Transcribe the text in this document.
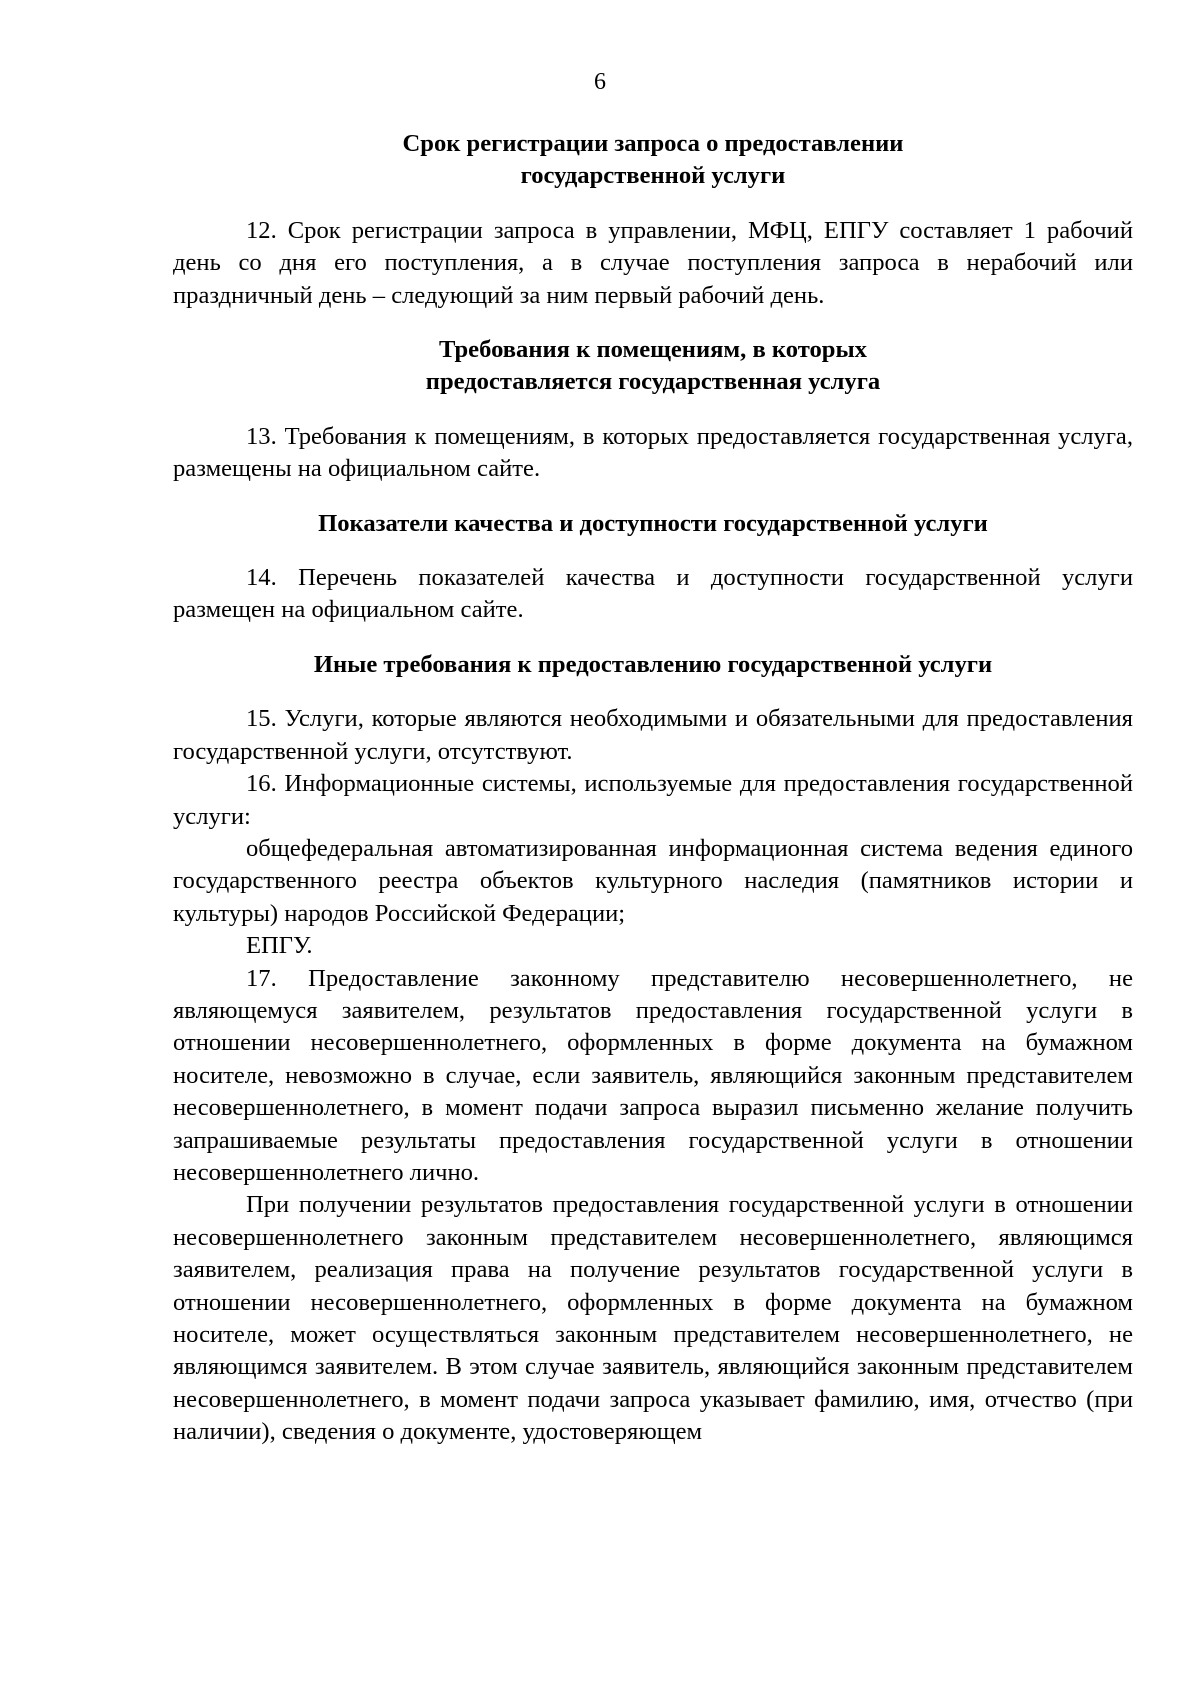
6
Срок регистрации запроса о предоставлении
государственной услуги

12. Срок регистрации запроса в управлении, МФЦ, ЕПГУ составляет 1 рабочий день со дня его поступления, а в случае поступления запроса в нерабочий или праздничный день – следующий за ним первый рабочий день.

Требования к помещениям, в которых
предоставляется государственная услуга

13. Требования к помещениям, в которых предоставляется государственная услуга, размещены на официальном сайте.

Показатели качества и доступности государственной услуги

14. Перечень показателей качества и доступности государственной услуги размещен на официальном сайте.

Иные требования к предоставлению государственной услуги

15. Услуги, которые являются необходимыми и обязательными для предоставления государственной услуги, отсутствуют.

16. Информационные системы, используемые для предоставления государственной услуги:

общефедеральная автоматизированная информационная система ведения единого государственного реестра объектов культурного наследия (памятников истории и культуры) народов Российской Федерации;

ЕПГУ.

17. Предоставление законному представителю несовершеннолетнего, не являющемуся заявителем, результатов предоставления государственной услуги в отношении несовершеннолетнего, оформленных в форме документа на бумажном носителе, невозможно в случае, если заявитель, являющийся законным представителем несовершеннолетнего, в момент подачи запроса выразил письменно желание получить запрашиваемые результаты предоставления государственной услуги в отношении несовершеннолетнего лично.

При получении результатов предоставления государственной услуги в отношении несовершеннолетнего законным представителем несовершеннолетнего, являющимся заявителем, реализация права на получение результатов государственной услуги в отношении несовершеннолетнего, оформленных в форме документа на бумажном носителе, может осуществляться законным представителем несовершеннолетнего, не являющимся заявителем. В этом случае заявитель, являющийся законным представителем несовершеннолетнего, в момент подачи запроса указывает фамилию, имя, отчество (при наличии), сведения о документе, удостоверяющем
